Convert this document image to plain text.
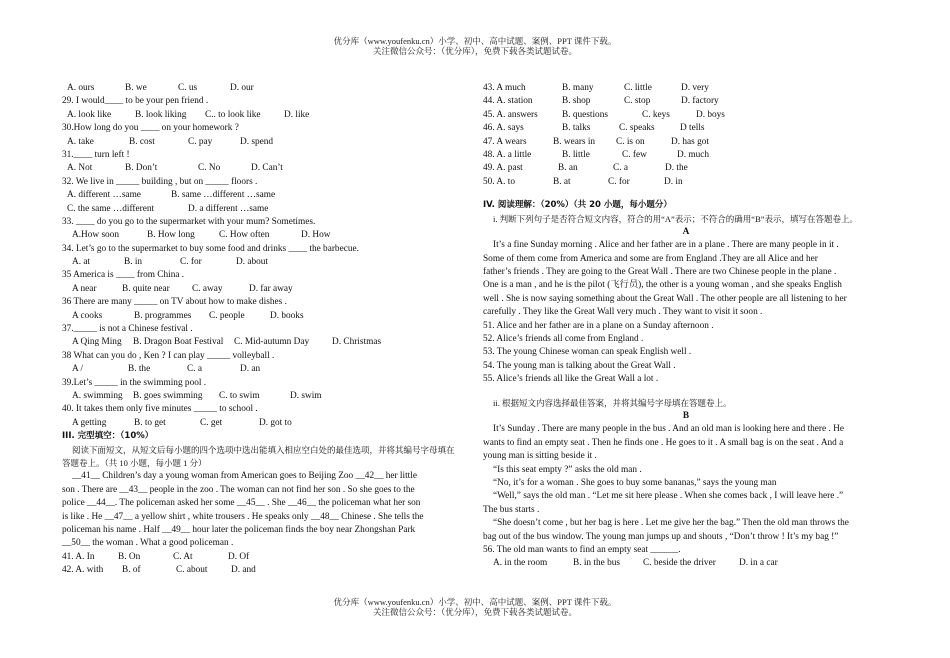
优分库（www.youfenku.cn）小学、初中、高中试题、案例、PPT 课件下载。
关注微信公众号：（优分库），免费下载各类试题试卷。
A. ours	B. we	C. us	D. our
29. I would____ to be your pen friend .
A. look like	B. look liking C.. to look like	D. like
30.How long do you ____ on your homework ?
A. take	B. cost	C. pay	D. spend
31.____ turn left !
A. Not	B. Don’t	C. No	D. Can’t
32. We live in _____ building , but on _____ floors .
A. different …same	B. same …different …same
C. the same …different	D. a different …same
33. ____ do you go to the supermarket with your mum? Sometimes.
A.How soon	B. How long	C. How often	D. How
34. Let’s go to the supermarket to buy some food and drinks ____ the barbecue.
A. at	B. in	C. for	D. about
35 America is ____ from China .
A near	B. quite near C. away	D. far away
36 There are many _____ on TV about how to make dishes .
A cooks	B. programmes C. people	D. books
37._____ is not a Chinese festival .
A Qing Ming B. Dragon Boat Festival C. Mid-autumn Day D. Christmas
38 What can you do , Ken ? I can play _____ volleyball .
A /	B. the	C. a	D. an
39.Let’s _____ in the swimming pool .
A. swimming B. goes swimming C. to swim	D. swim
40. It takes them only five minutes _____ to school .
A getting	B. to get	C. get	D. got to
III. 完型填空：（10%）
阅读下面短文，从短文后每小题的四个选项中选出能填入相应空白处的最佳选项，并将其编号字母填在
答题卷上。（共 10 小题，每小题 1 分）
__41__ Children’s day a young woman from American goes to Beijing Zoo __42__ her little
son . There are __43__ people in the zoo . The woman can not find her son . So she goes to the
police __44__. The policeman asked her some __45__ . She __46__ the policeman what her son
is like . He __47__ a yellow shirt , white trousers . He speaks only __48__ Chinese . She tells the
policeman his name . Half __49__ hour later the policeman finds the boy near Zhongshan Park
__50__ the woman . What a good policeman .
41. A. In	B. On	C. At	D. Of
42. A. with B. of	C. about	D. and
43. A much	B. many	C. little	D. very
44. A. station	B. shop	C. stop	D. factory
45. A. answers	B. questions	C. keys	D. boys
46. A. says	B. talks	C. speaks	D tells
47. A wears	B. wears in C. is on	D. has got
48. A. a little	B. little	C. few	D. much
49. A. past	B. an	C. a	D. the
50. A. to	B. at	C. for	D. in
IV. 阅读理解：（20%）（共 20 小题，每小题分）
i. 判断下列句子是否符合短文内容，符合的用“A”表示；不符合的确用“B”表示，填写在答题卷上。
A
It’s a fine Sunday morning . Alice and her father are in a plane . There are many people in it .
Some of them come from America and some are from England .They are all Alice and her
father’s friends . They are going to the Great Wall . There are two Chinese people in the plane .
One is a man , and he is the pilot (飞行员), the other is a young woman , and she speaks English
well . She is now saying something about the Great Wall . The other people are all listening to her
carefully . They like the Great Wall very much . They want to visit it soon .
51. Alice and her father are in a plane on a Sunday afternoon .
52. Alice’s friends all come from England .
53. The young Chinese woman can speak English well .
54. The young man is talking about the Great Wall .
55. Alice’s friends all like the Great Wall a lot .
ii. 根据短文内容选择最佳答案，并将其编号字母填在答题卷上。
B
It’s Sunday . There are many people in the bus . And an old man is looking here and there . He
wants to find an empty seat . Then he finds one . He goes to it . A small bag is on the seat . And a
young man is sitting beside it .
“Is this seat empty ?” asks the old man .
“No, it’s for a woman . She goes to buy some bananas,” says the young man
“Well,” says the old man . “Let me sit here please . When she comes back , I will leave here .”
The bus starts .
“She doesn’t come , but her bag is here . Let me give her the bag.” Then the old man throws the
bag out of the bus window. The young man jumps up and shouts , “Don’t throw ! It’s my bag !”
56. The old man wants to find an empty seat ______.
A. in the room	B. in the bus C. beside the driver D. in a car
优分库（www.youfenku.cn）小学、初中、高中试题、案例、PPT 课件下载。
关注微信公众号：（优分库），免费下载各类试题试卷。
